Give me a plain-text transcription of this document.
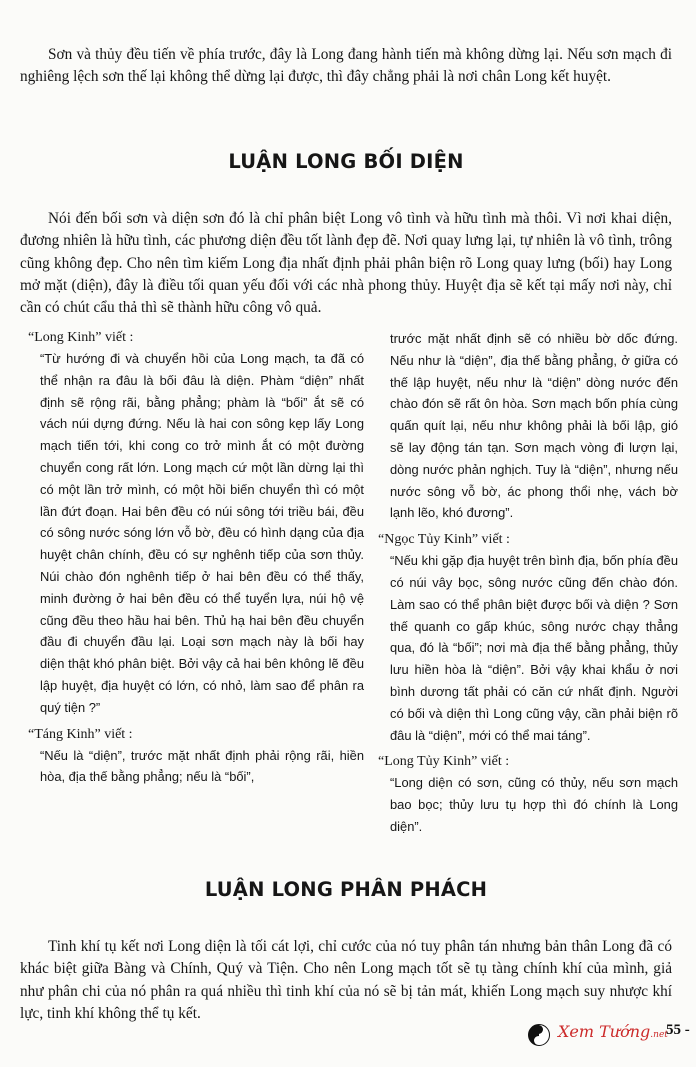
Sơn và thủy đều tiến về phía trước, đây là Long đang hành tiến mà không dừng lại. Nếu sơn mạch đi nghiêng lệch sơn thế lại không thể dừng lại được, thì đây chẳng phải là nơi chân Long kết huyệt.

LUẬN LONG BỐI DIỆN

Nói đến bối sơn và diện sơn đó là chỉ phân biệt Long vô tình và hữu tình mà thôi. Vì nơi khai diện, đương nhiên là hữu tình, các phương diện đều tốt lành đẹp đẽ. Nơi quay lưng lại, tự nhiên là vô tình, trông cũng không đẹp. Cho nên tìm kiếm Long địa nhất định phải phân biện rõ Long quay lưng (bối) hay Long mở mặt (diện), đây là điều tối quan yếu đối với các nhà phong thủy. Huyệt địa sẽ kết tại mấy nơi này, chỉ cần có chút cẩu thả thì sẽ thành hữu công vô quả.

“Long Kinh” viết :
“Từ hướng đi và chuyển hồi của Long mạch, ta đã có thể nhận ra đâu là bối đâu là diện. Phàm “diện” nhất định sẽ rộng rãi, bằng phẳng; phàm là “bối” ắt sẽ có vách núi dựng đứng. Nếu là hai con sông kẹp lấy Long mạch tiến tới, khi cong co trở mình ắt có một đường chuyển cong rất lớn. Long mạch cứ một lần dừng lại thì có một lần trở mình, có một hồi biến chuyển thì có một lần đứt đoạn. Hai bên đều có núi sông tới triều bái, đều có sông nước sóng lớn vỗ bờ, đều có hình dạng của địa huyệt chân chính, đều có sự nghênh tiếp của sơn thủy. Núi chào đón nghênh tiếp ở hai bên đều có thể thấy, minh đường ở hai bên đều có thể tuyển lựa, núi hộ vệ cũng đều theo hầu hai bên. Thủ hạ hai bên đều chuyển đầu đi chuyển đầu lại. Loại sơn mạch này là bối hay diện thật khó phân biệt. Bởi vậy cả hai bên không lẽ đều lập huyệt, địa huyệt có lớn, có nhỏ, làm sao để phân ra quý tiện ?”
“Táng Kinh” viết :
“Nếu là “diện”, trước mặt nhất định phải rộng rãi, hiền hòa, địa thế bằng phẳng; nếu là “bối”,
trước mặt nhất định sẽ có nhiều bờ dốc đứng. Nếu như là “diện”, địa thế bằng phẳng, ở giữa có thế lập huyệt, nếu như là “diện” dòng nước đến chào đón sẽ rất ôn hòa. Sơn mạch bốn phía cùng quấn quít lại, nếu như không phải là bối lập, gió sẽ lay động tán tạn. Sơn mạch vòng đi lượn lại, dòng nước phản nghịch. Tuy là “diện”, nhưng nếu nước sông vỗ bờ, ác phong thổi nhẹ, vách bờ lạnh lẽo, khó đương”.
“Ngọc Tủy Kinh” viết :
“Nếu khi gặp địa huyệt trên bình địa, bốn phía đều có núi vây bọc, sông nước cũng đến chào đón. Làm sao có thể phân biệt được bối và diện ? Sơn thế quanh co gấp khúc, sông nước chạy thẳng qua, đó là “bối”; nơi mà địa thế bằng phẳng, thủy lưu hiền hòa là “diện”. Bởi vậy khai khẩu ở nơi bình dương tất phải có căn cứ nhất định. Người có bối và diện thì Long cũng vậy, cần phải biện rõ đâu là “diện”, mới có thể mai táng”.
“Long Tủy Kinh” viết :
“Long diện có sơn, cũng có thủy, nếu sơn mạch bao bọc; thủy lưu tụ hợp thì đó chính là Long diện”.
LUẬN LONG PHÂN PHÁCH

Tinh khí tụ kết nơi Long diện là tối cát lợi, chỉ cước của nó tuy phân tán nhưng bản thân Long đã có khác biệt giữa Bàng và Chính, Quý và Tiện. Cho nên Long mạch tốt sẽ tụ tàng chính khí của mình, giả như phân chi của nó phân ra quá nhiều thì tinh khí của nó sẽ bị tản mát, khiến Long mạch suy nhược khí lực, tinh khí không thể tụ kết.

Xem Tướng.net
55 -
